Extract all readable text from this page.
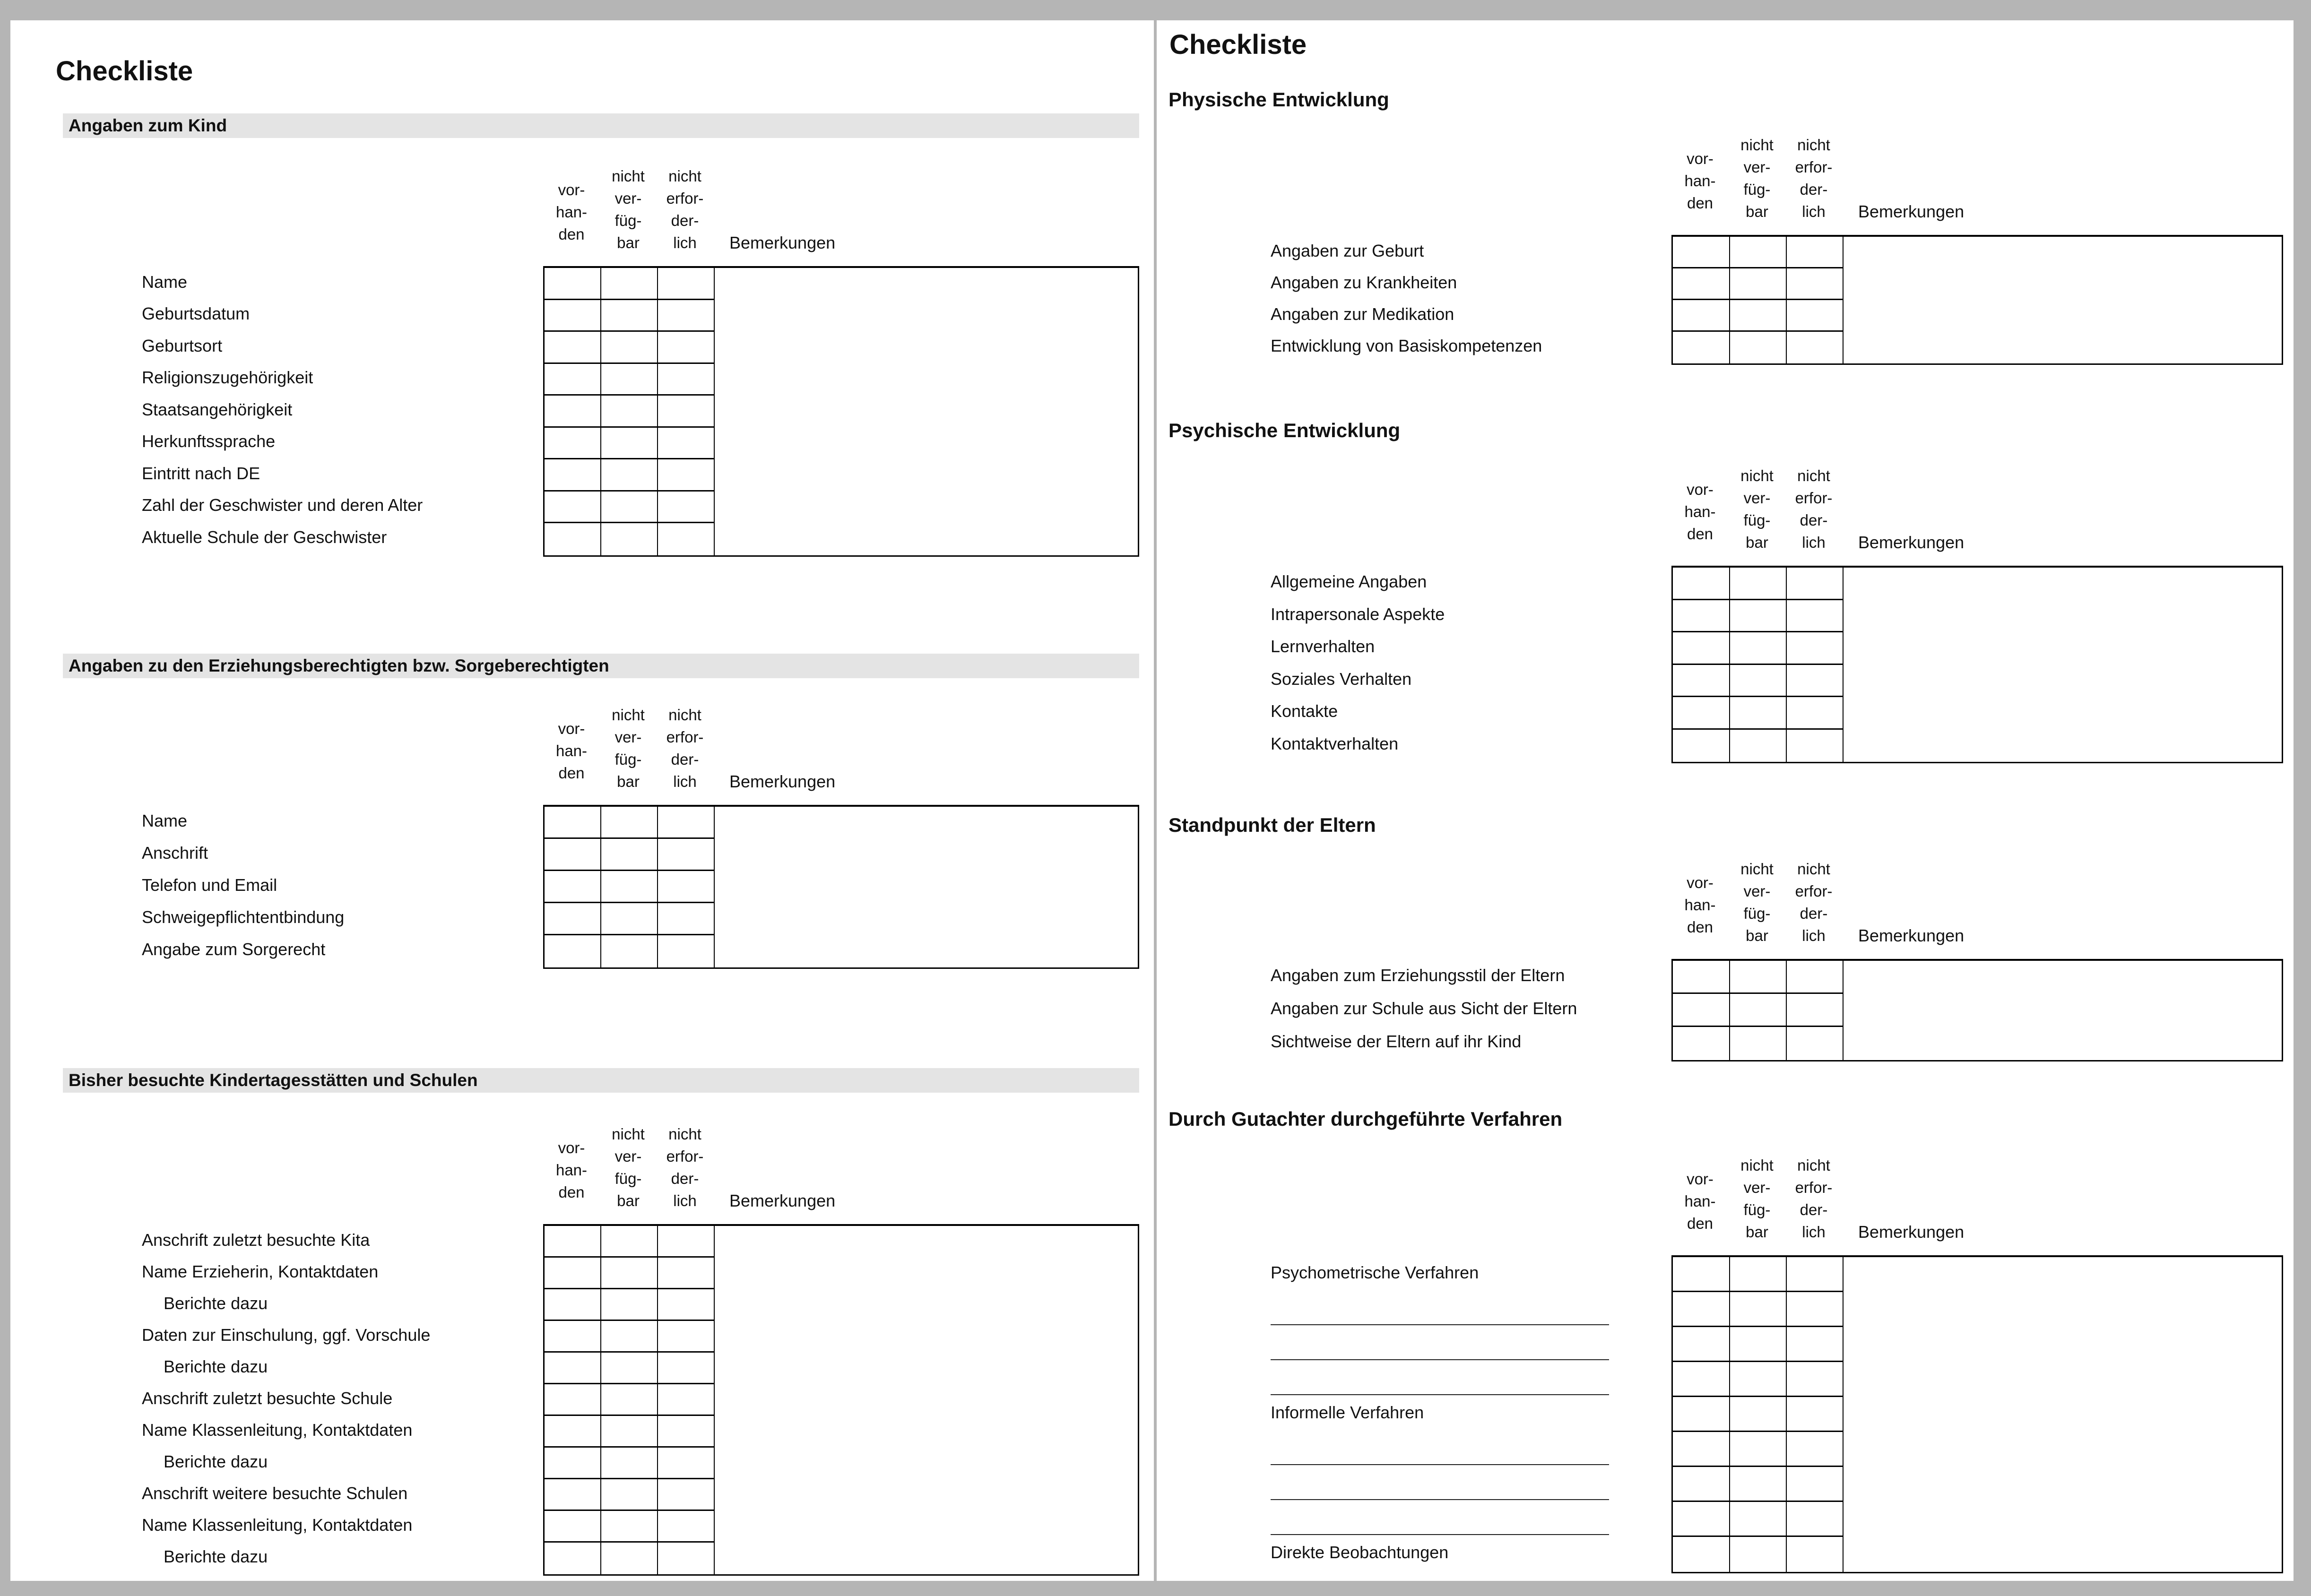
Checkliste
Angaben zum Kind
vor-
han-
den
nicht
ver-
füg-
bar
nicht
erfor-
der-
lich	Bemerkungen
Name
Geburtsdatum
Geburtsort
Religionszugehörigkeit
Staatsangehörigkeit
Herkunftssprache
Eintritt nach DE
Zahl der Geschwister und deren Alter
Aktuelle Schule der Geschwister
Angaben zu den Erziehungsberechtigten bzw. Sorgeberechtigten
vor-
han-
den
nicht
ver-
füg-
bar
nicht
erfor-
der-
lich	Bemerkungen
Name
Anschrift
Telefon und Email
Schweigepflichtentbindung
Angabe zum Sorgerecht
Bisher besuchte Kindertagesstätten und Schulen
vor-
han-
den
nicht
ver-
füg-
bar
nicht
erfor-
der-
lich	Bemerkungen
Anschrift zuletzt besuchte Kita
Name Erzieherin, Kontaktdaten
Berichte dazu
Daten zur Einschulung, ggf. Vorschule
Berichte dazu
Anschrift zuletzt besuchte Schule
Name Klassenleitung, Kontaktdaten
Berichte dazu
Anschrift weitere besuchte Schulen
Name Klassenleitung, Kontaktdaten
Berichte dazu
Checkliste
Physische Entwicklung
vor-
han-
den
nicht
ver-
füg-
bar
nicht
erfor-
der-
lich	Bemerkungen
Angaben zur Geburt
Angaben zu Krankheiten
Angaben zur Medikation
Entwicklung von Basiskompetenzen
Psychische Entwicklung
vor-
han-
den
nicht
ver-
füg-
bar
nicht
erfor-
der-
lich	Bemerkungen
Allgemeine Angaben
Intrapersonale Aspekte
Lernverhalten
Soziales Verhalten
Kontakte
Kontaktverhalten
Standpunkt der Eltern
vor-
han-
den
nicht
ver-
füg-
bar
nicht
erfor-
der-
lich	Bemerkungen
Angaben zum Erziehungsstil der Eltern
Angaben zur Schule aus Sicht der Eltern
Sichtweise der Eltern auf ihr Kind
Durch Gutachter durchgeführte Verfahren
vor-
han-
den
nicht
ver-
füg-
bar
nicht
erfor-
der-
lich	Bemerkungen
Psychometrische Verfahren
Informelle Verfahren
Direkte Beobachtungen
